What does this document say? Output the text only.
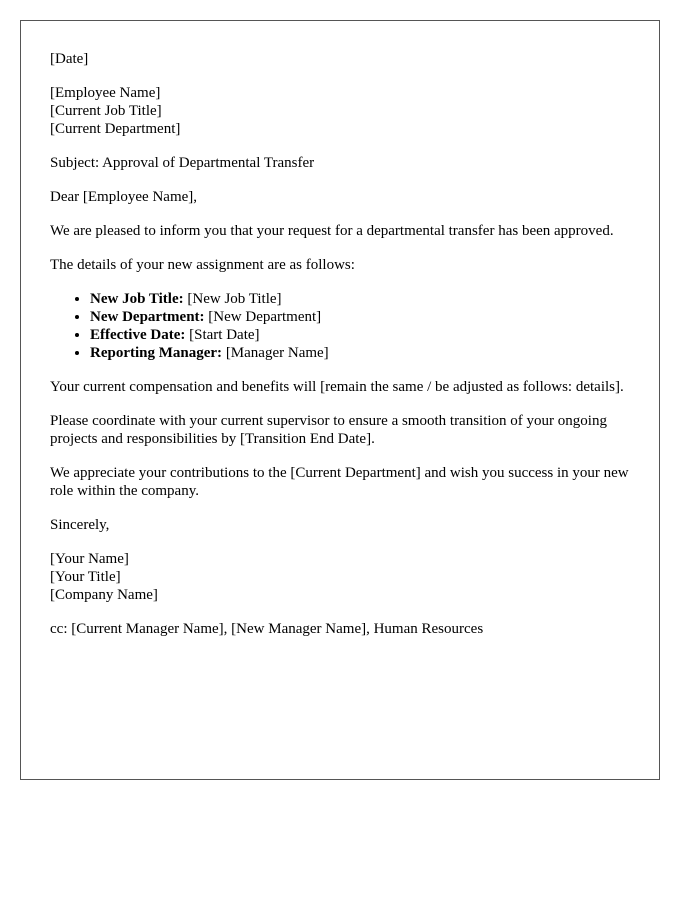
[Date]

[Employee Name]
[Current Job Title]
[Current Department]

Subject: Approval of Departmental Transfer

Dear [Employee Name],

We are pleased to inform you that your request for a departmental transfer has been approved.

The details of your new assignment are as follows:

• New Job Title: [New Job Title]
• New Department: [New Department]
• Effective Date: [Start Date]
• Reporting Manager: [Manager Name]

Your current compensation and benefits will [remain the same / be adjusted as follows: details].

Please coordinate with your current supervisor to ensure a smooth transition of your ongoing projects and responsibilities by [Transition End Date].

We appreciate your contributions to the [Current Department] and wish you success in your new role within the company.

Sincerely,

[Your Name]
[Your Title]
[Company Name]

cc: [Current Manager Name], [New Manager Name], Human Resources
